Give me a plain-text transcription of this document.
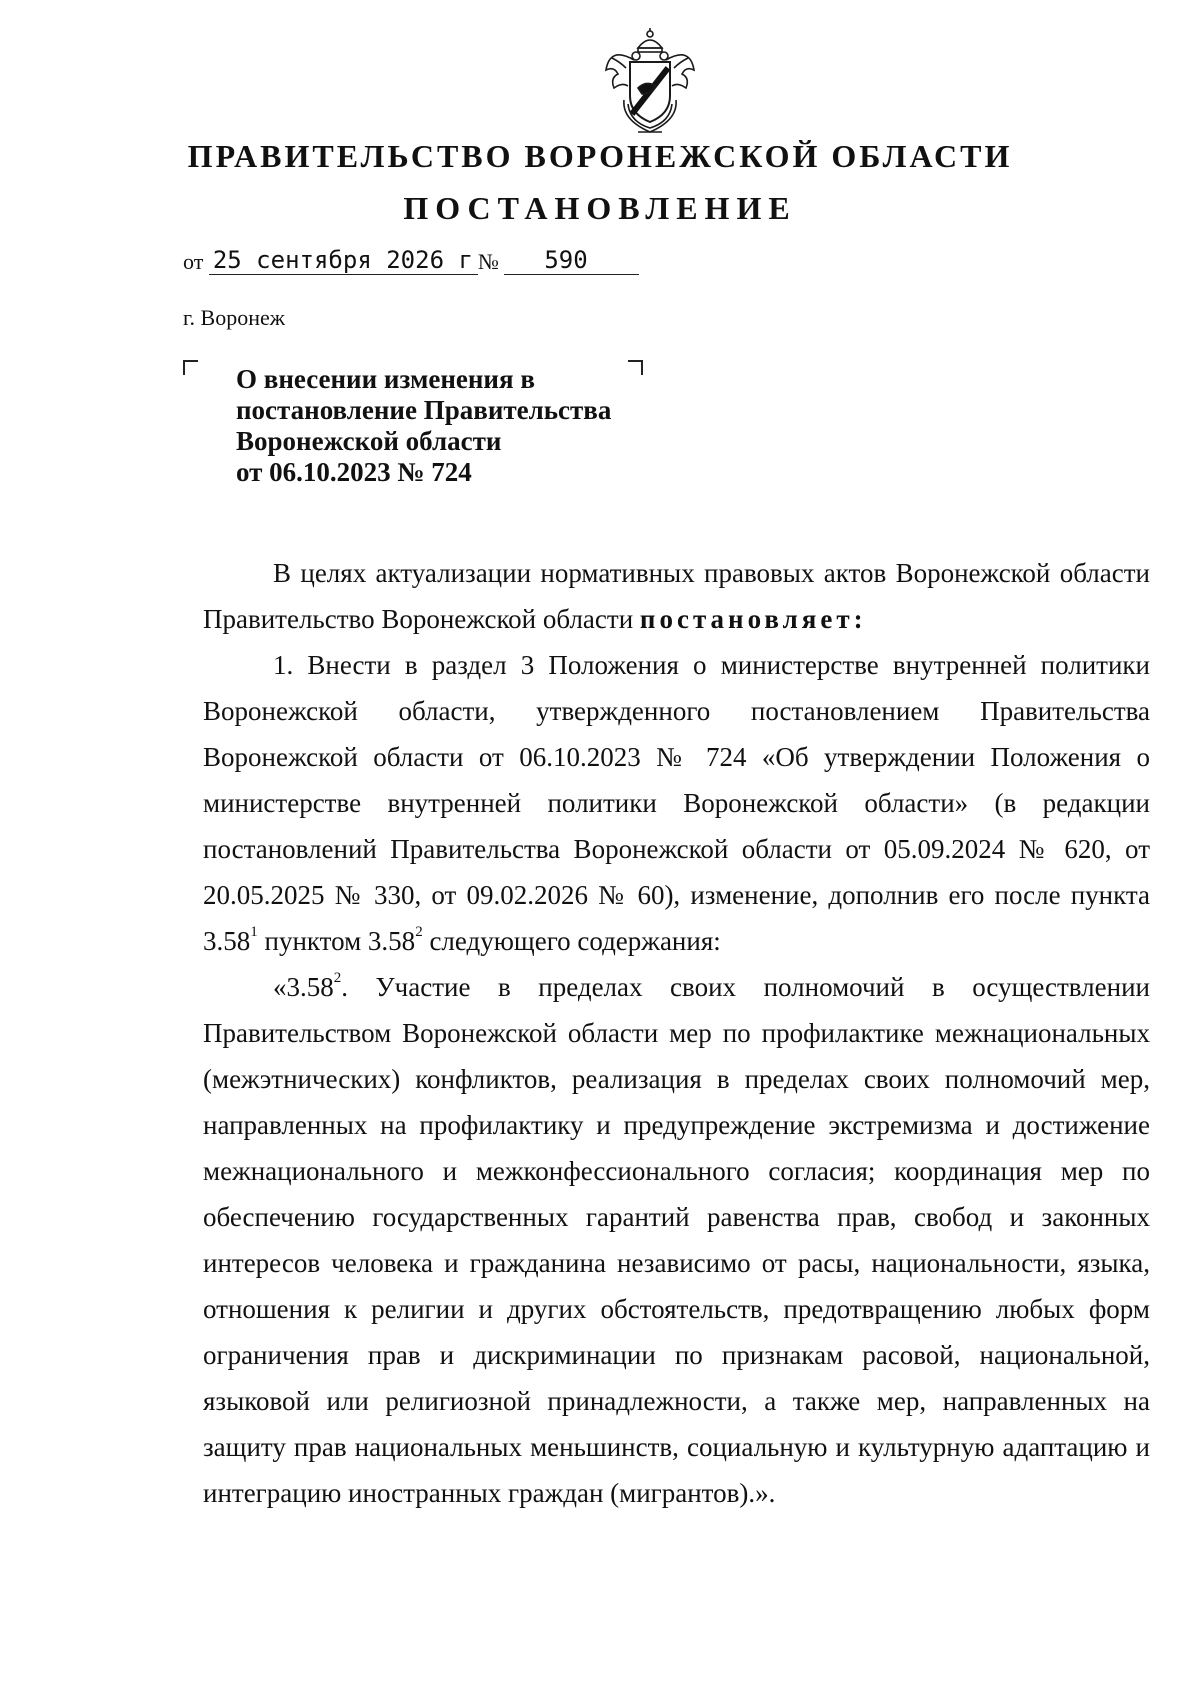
ПРАВИТЕЛЬСТВО ВОРОНЕЖСКОЙ ОБЛАСТИ
ПОСТАНОВЛЕНИЕ
от 25 сентября 2026 г № 590
г. Воронеж
О внесении изменения в
постановление Правительства
Воронежской области
от 06.10.2023 № 724

В целях актуализации нормативных правовых актов Воронежской области Правительство Воронежской области постановляет:

1. Внести в раздел 3 Положения о министерстве внутренней политики Воронежской области, утвержденного постановлением Правительства Воронежской области от 06.10.2023 № 724 «Об утверждении Положения о министерстве внутренней политики Воронежской области» (в редакции постановлений Правительства Воронежской области от 05.09.2024 № 620, от 20.05.2025 № 330, от 09.02.2026 № 60), изменение, дополнив его после пункта 3.58$^1$ пунктом 3.58$^2$ следующего содержания:

«3.58$^2$. Участие в пределах своих полномочий в осуществлении Правительством Воронежской области мер по профилактике межнациональных (межэтнических) конфликтов, реализация в пределах своих полномочий мер, направленных на профилактику и предупреждение экстремизма и достижение межнационального и межконфессионального согласия; координация мер по обеспечению государственных гарантий равенства прав, свобод и законных интересов человека и гражданина независимо от расы, национальности, языка, отношения к религии и других обстоятельств, предотвращению любых форм ограничения прав и дискриминации по признакам расовой, национальной, языковой или религиозной принадлежности, а также мер, направленных на защиту прав национальных меньшинств, социальную и культурную адаптацию и интеграцию иностранных граждан (мигрантов).».
